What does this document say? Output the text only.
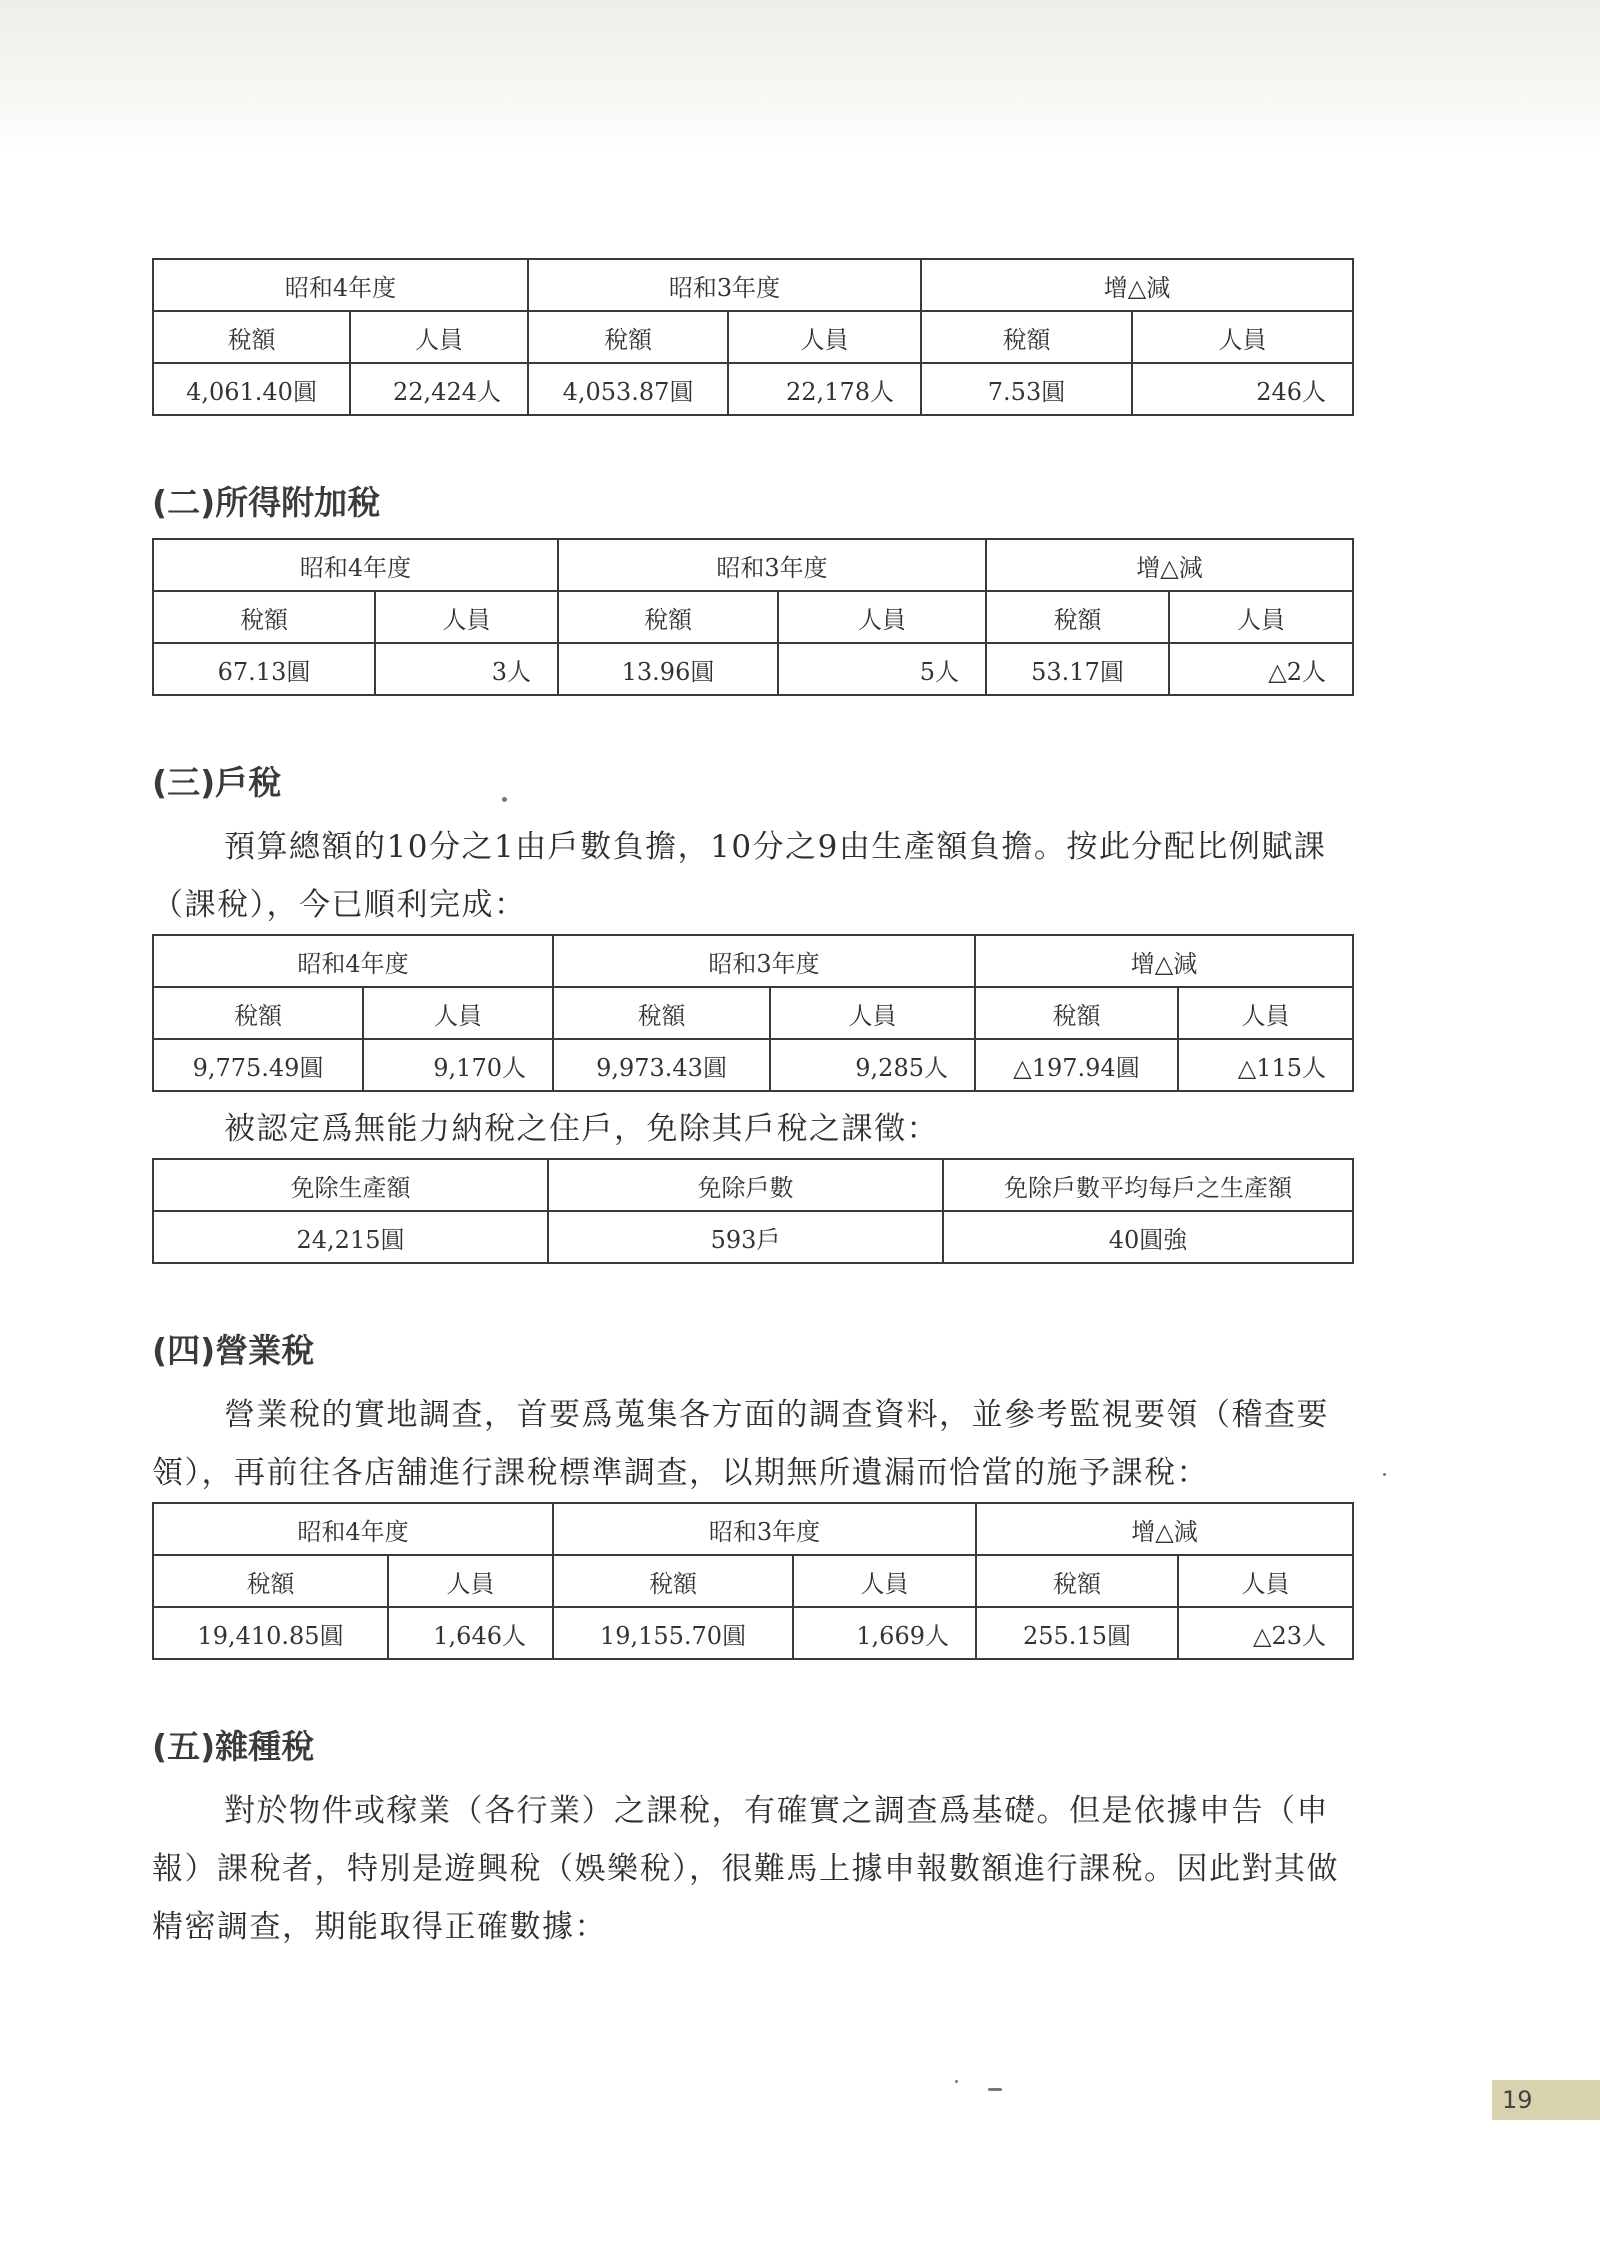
昭和4年度		昭和3年度		增△減	
稅額	人員	稅額	人員	稅額	人員
4,061.40圓	22,424人	4,053.87圓	22,178人	7.53圓	246人
(二)所得附加稅
昭和4年度		昭和3年度		增△減	
稅額	人員	稅額	人員	稅額	人員
67.13圓	3人	13.96圓	5人	53.17圓	△2人
(三)戶稅

預算總額的10分之1由戶數負擔，10分之9由生產額負擔。按此分配比例賦課（課稅），今已順利完成：

昭和4年度		昭和3年度		增△減	
稅額	人員	稅額	人員	稅額	人員
9,775.49圓	9,170人	9,973.43圓	9,285人	△197.94圓	△115人

被認定爲無能力納稅之住戶，免除其戶稅之課徵：

免除生產額	免除戶數	免除戶數平均每戶之生產額
24,215圓	593戶	40圓強
(四)營業稅

營業稅的實地調查，首要爲蒐集各方面的調查資料，並參考監視要領（稽查要領），再前往各店舖進行課稅標準調查，以期無所遺漏而恰當的施予課稅：

昭和4年度		昭和3年度		增△減	
稅額	人員	稅額	人員	稅額	人員
19,410.85圓	1,646人	19,155.70圓	1,669人	255.15圓	△23人
(五)雜種稅

對於物件或稼業（各行業）之課稅，有確實之調查爲基礎。但是依據申告（申報）課稅者，特別是遊興稅（娛樂稅），很難馬上據申報數額進行課稅。因此對其做精密調查，期能取得正確數據：

19
